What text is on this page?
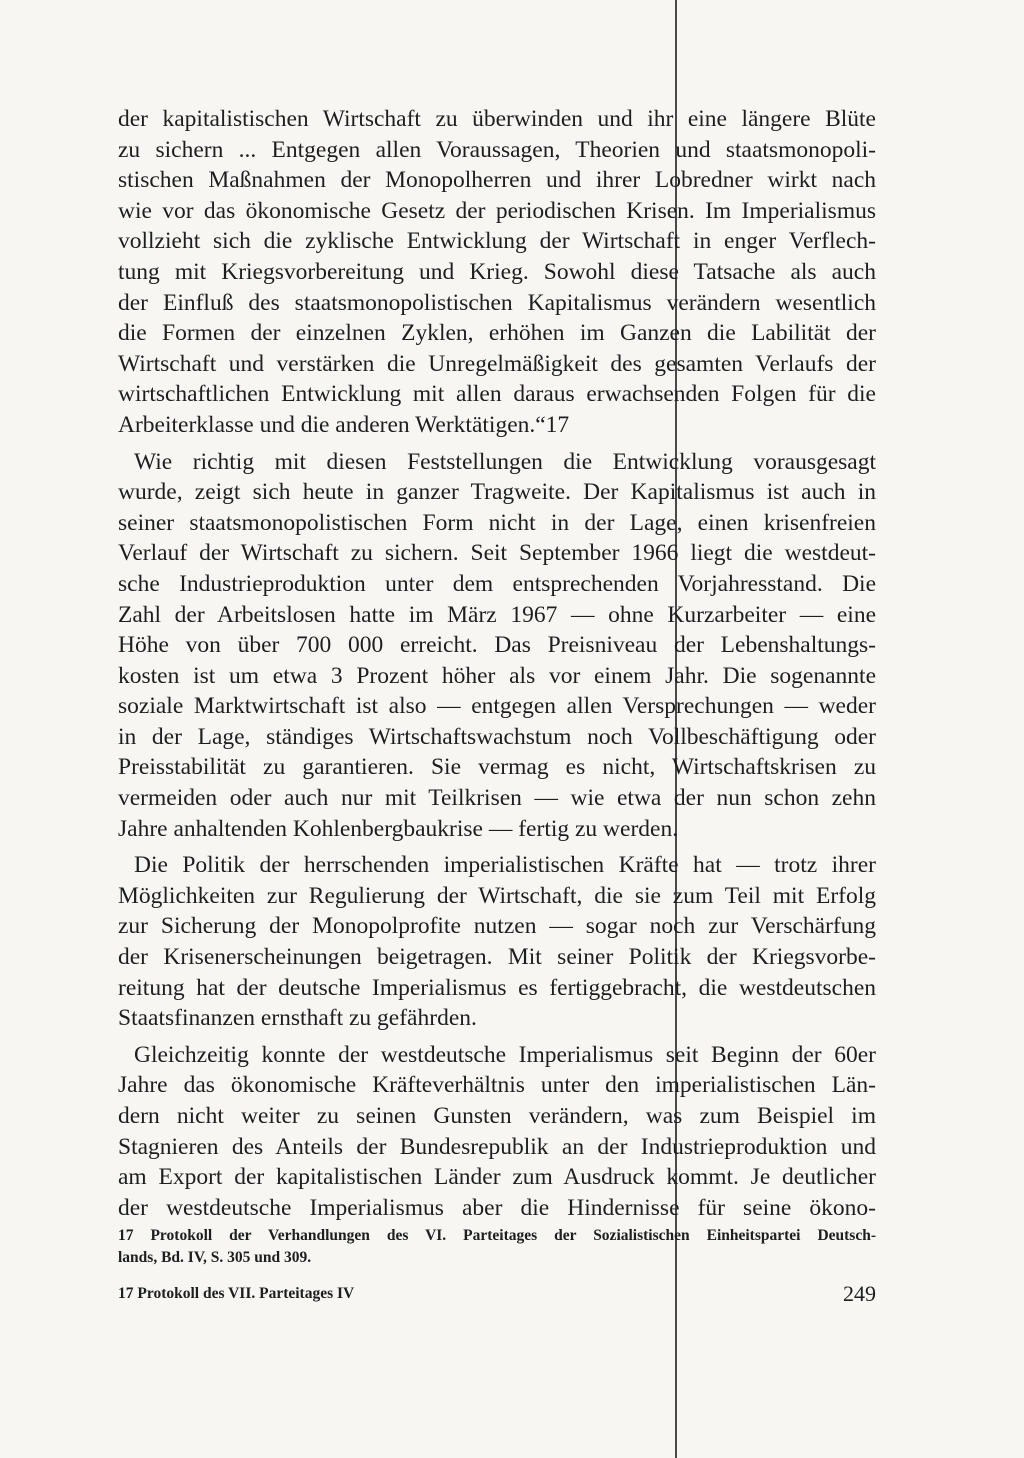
der kapitalistischen Wirtschaft zu überwinden und ihr eine längere Blüte
zu sichern ... Entgegen allen Voraussagen, Theorien und staatsmonopoli-
stischen Maßnahmen der Monopolherren und ihrer Lobredner wirkt nach
wie vor das ökonomische Gesetz der periodischen Krisen. Im Imperialismus
vollzieht sich die zyklische Entwicklung der Wirtschaft in enger Verflech-
tung mit Kriegsvorbereitung und Krieg. Sowohl diese Tatsache als auch
der Einfluß des staatsmonopolistischen Kapitalismus verändern wesentlich
die Formen der einzelnen Zyklen, erhöhen im Ganzen die Labilität der
Wirtschaft und verstärken die Unregelmäßigkeit des gesamten Verlaufs der
wirtschaftlichen Entwicklung mit allen daraus erwachsenden Folgen für die
Arbeiterklasse und die anderen Werktätigen.“17
Wie richtig mit diesen Feststellungen die Entwicklung vorausgesagt
wurde, zeigt sich heute in ganzer Tragweite. Der Kapitalismus ist auch in
seiner staatsmonopolistischen Form nicht in der Lage, einen krisenfreien
Verlauf der Wirtschaft zu sichern. Seit September 1966 liegt die westdeut-
sche Industrieproduktion unter dem entsprechenden Vorjahresstand. Die
Zahl der Arbeitslosen hatte im März 1967 — ohne Kurzarbeiter — eine
Höhe von über 700 000 erreicht. Das Preisniveau der Lebenshaltungs-
kosten ist um etwa 3 Prozent höher als vor einem Jahr. Die sogenannte
soziale Marktwirtschaft ist also — entgegen allen Versprechungen — weder
in der Lage, ständiges Wirtschaftswachstum noch Vollbeschäftigung oder
Preisstabilität zu garantieren. Sie vermag es nicht, Wirtschaftskrisen zu
vermeiden oder auch nur mit Teilkrisen — wie etwa der nun schon zehn
Jahre anhaltenden Kohlenbergbaukrise — fertig zu werden.
Die Politik der herrschenden imperialistischen Kräfte hat — trotz ihrer
Möglichkeiten zur Regulierung der Wirtschaft, die sie zum Teil mit Erfolg
zur Sicherung der Monopolprofite nutzen — sogar noch zur Verschärfung
der Krisenerscheinungen beigetragen. Mit seiner Politik der Kriegsvorbe-
reitung hat der deutsche Imperialismus es fertiggebracht, die westdeutschen
Staatsfinanzen ernsthaft zu gefährden.
Gleichzeitig konnte der westdeutsche Imperialismus seit Beginn der 60er
Jahre das ökonomische Kräfteverhältnis unter den imperialistischen Län-
dern nicht weiter zu seinen Gunsten verändern, was zum Beispiel im
Stagnieren des Anteils der Bundesrepublik an der Industrieproduktion und
am Export der kapitalistischen Länder zum Ausdruck kommt. Je deutlicher
der westdeutsche Imperialismus aber die Hindernisse für seine ökono-
17 Protokoll der Verhandlungen des VI. Parteitages der Sozialistischen Einheitspartei Deutsch-
lands, Bd. IV, S. 305 und 309.
17 Protokoll des VII. Parteitages IV	249
